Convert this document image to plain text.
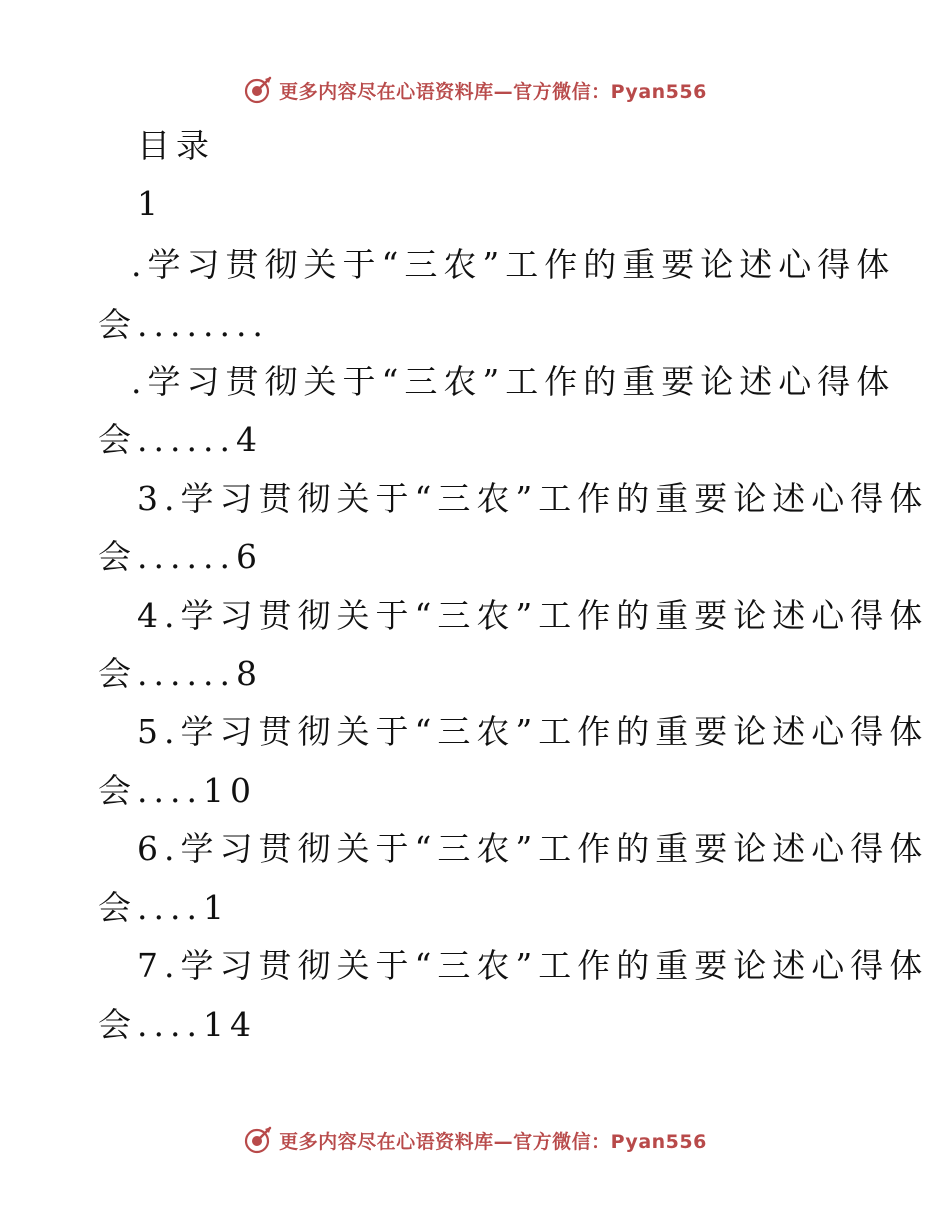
更多内容尽在心语资料库—官方微信：Pyan556
目录
1
.学习贯彻关于“三农”工作的重要论述心得体
会........
.学习贯彻关于“三农”工作的重要论述心得体
会......4
3.学习贯彻关于“三农”工作的重要论述心得体
会......6
4.学习贯彻关于“三农”工作的重要论述心得体
会......8
5.学习贯彻关于“三农”工作的重要论述心得体
会....10
6.学习贯彻关于“三农”工作的重要论述心得体
会....1
7.学习贯彻关于“三农”工作的重要论述心得体
会....14
更多内容尽在心语资料库—官方微信：Pyan556
